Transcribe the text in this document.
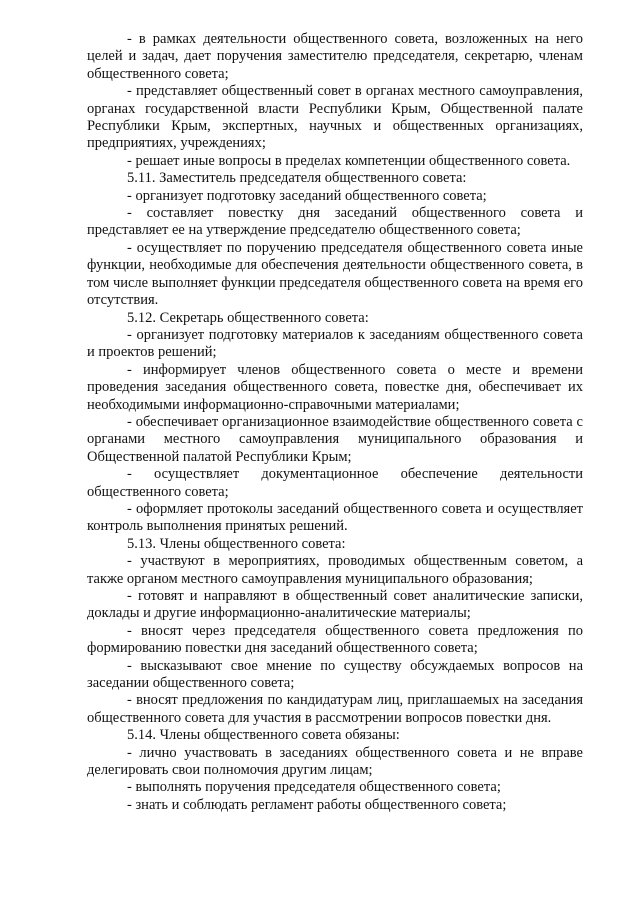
- в рамках деятельности общественного совета, возложенных на него целей и задач, дает поручения заместителю председателя, секретарю, членам общественного совета;

- представляет общественный совет в органах местного самоуправления, органах государственной власти Республики Крым, Общественной палате Республики Крым, экспертных, научных и общественных организациях, предприятиях, учреждениях;

- решает иные вопросы в пределах компетенции общественного совета.

5.11. Заместитель председателя общественного совета:

- организует подготовку заседаний общественного совета;

- составляет повестку дня заседаний общественного совета и представляет ее на утверждение председателю общественного совета;

- осуществляет по поручению председателя общественного совета иные функции, необходимые для обеспечения деятельности общественного совета, в том числе выполняет функции председателя общественного совета на время его отсутствия.

5.12. Секретарь общественного совета:

- организует подготовку материалов к заседаниям общественного совета и проектов решений;

- информирует членов общественного совета о месте и времени проведения заседания общественного совета, повестке дня, обеспечивает их необходимыми информационно-справочными материалами;

- обеспечивает организационное взаимодействие общественного совета с органами местного самоуправления муниципального образования и Общественной палатой Республики Крым;

- осуществляет документационное обеспечение деятельности общественного совета;

- оформляет протоколы заседаний общественного совета и осуществляет контроль выполнения принятых решений.

5.13. Члены общественного совета:

- участвуют в мероприятиях, проводимых общественным советом, а также органом местного самоуправления муниципального образования;

- готовят и направляют в общественный совет аналитические записки, доклады и другие информационно-аналитические материалы;

- вносят через председателя общественного совета предложения по формированию повестки дня заседаний общественного совета;

- высказывают свое мнение по существу обсуждаемых вопросов на заседании общественного совета;

- вносят предложения по кандидатурам лиц, приглашаемых на заседания общественного совета для участия в рассмотрении вопросов повестки дня.

5.14. Члены общественного совета обязаны:

- лично участвовать в заседаниях общественного совета и не вправе делегировать свои полномочия другим лицам;

- выполнять поручения председателя общественного совета;

- знать и соблюдать регламент работы общественного совета;
